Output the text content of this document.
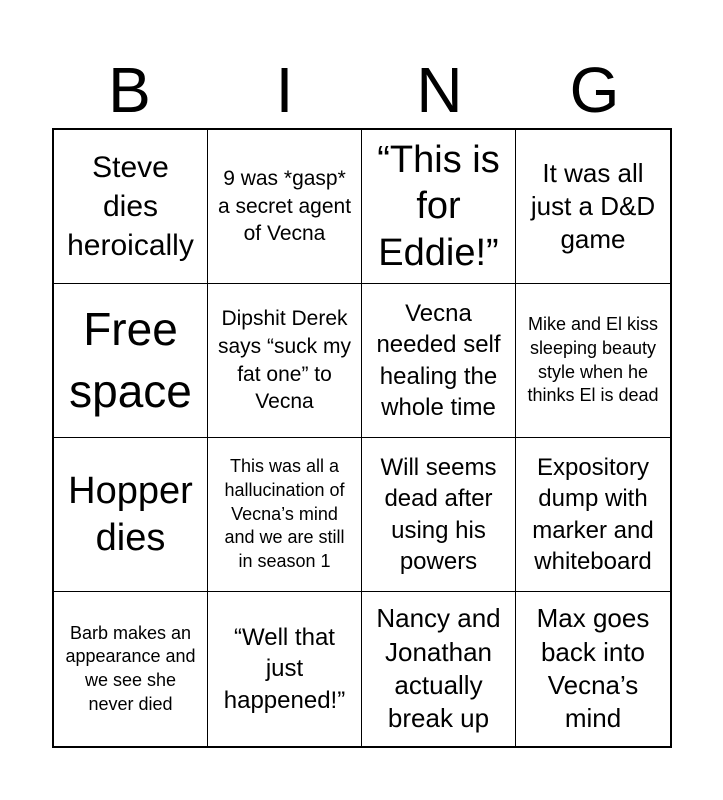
B	I	N	G
Steve dies heroically
9 was *gasp* a secret agent of Vecna
“This is for Eddie!”
It was all just a D&D game
Free space
Dipshit Derek says “suck my fat one” to Vecna
Vecna needed self healing the whole time
Mike and El kiss sleeping beauty style when he thinks El is dead
Hopper dies
This was all a hallucination of Vecna’s mind and we are still in season 1
Will seems dead after using his powers
Expository dump with marker and whiteboard
Barb makes an appearance and we see she never died
“Well that just happened!”
Nancy and Jonathan actually break up
Max goes back into Vecna’s mind
